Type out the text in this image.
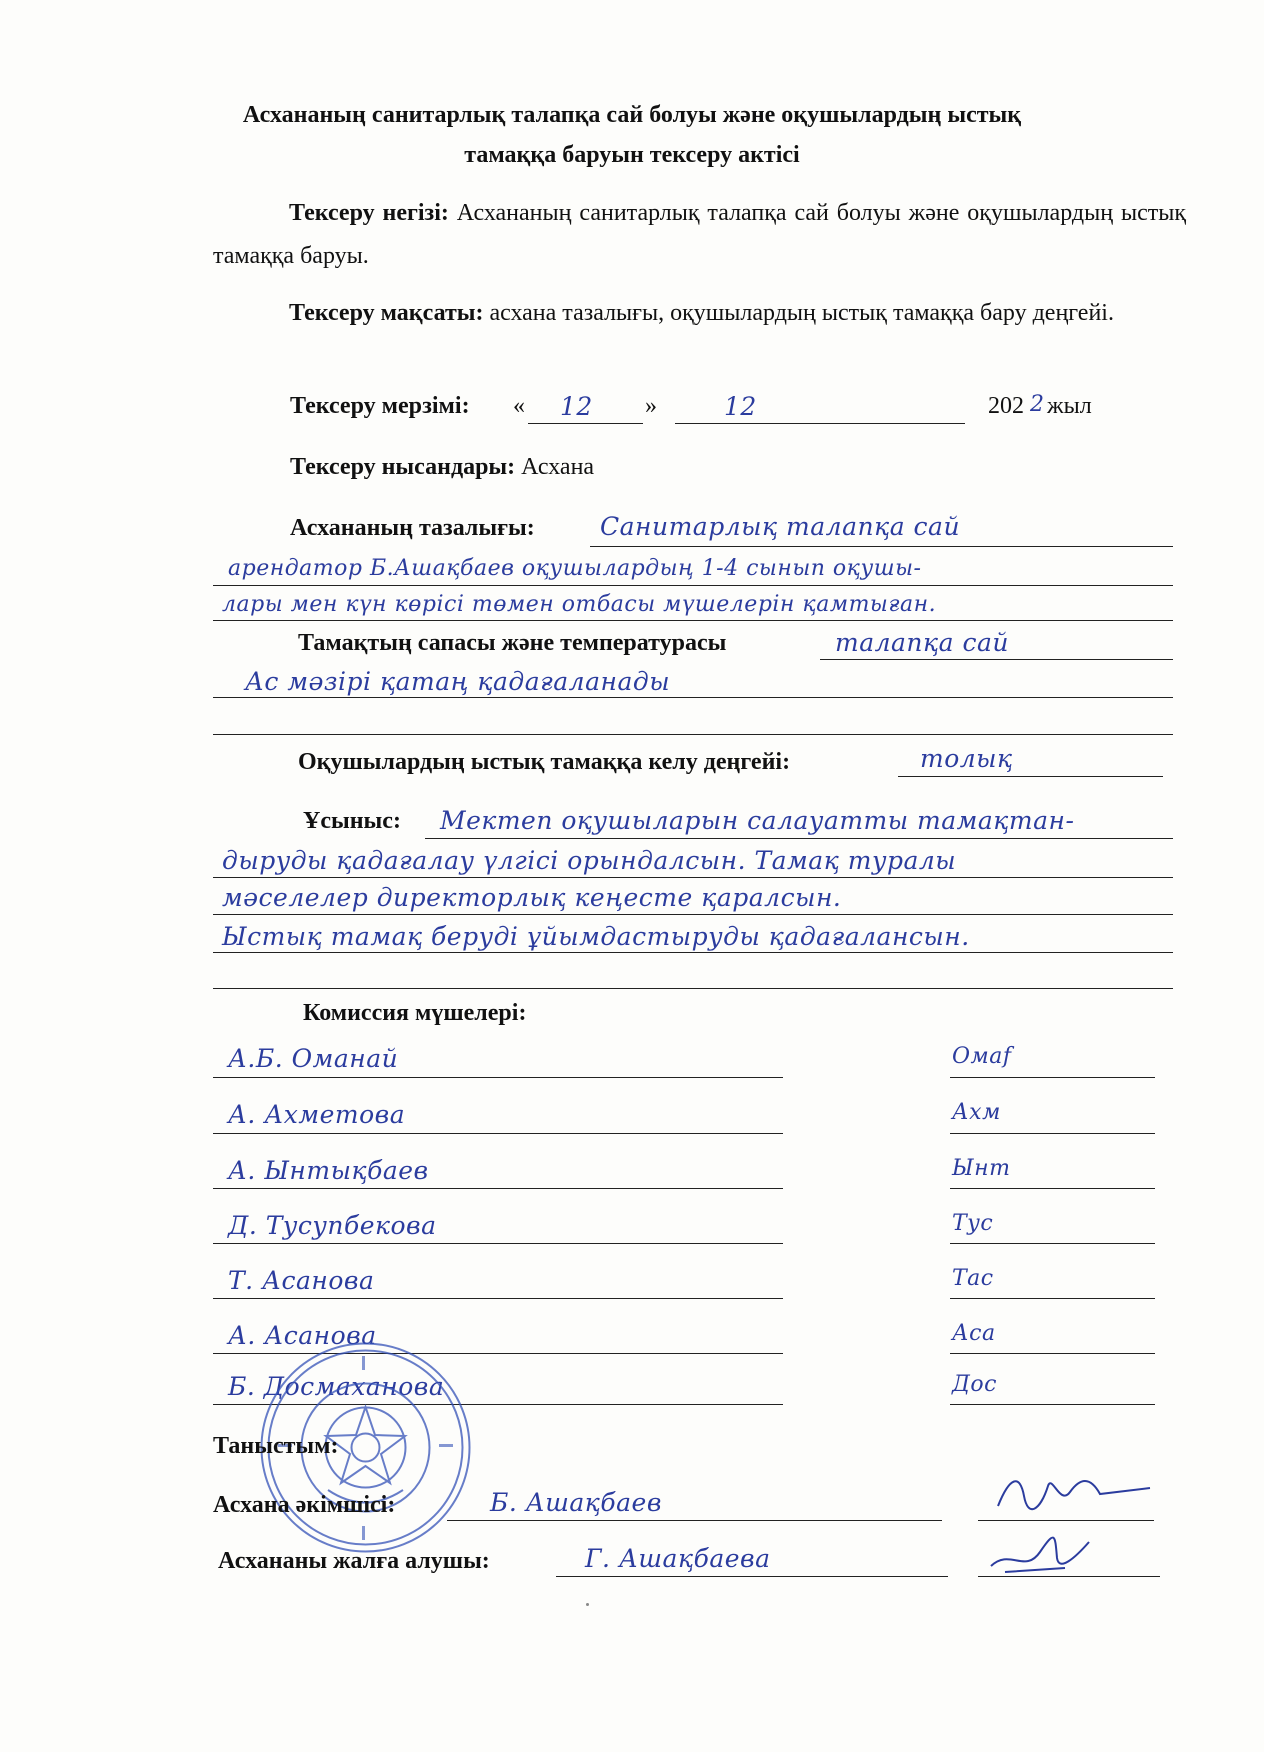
Асхананың санитарлық талапқа сай болуы және оқушылардың ыстық
тамаққа баруын тексеру актісі
Тексеру негізі: Асхананың санитарлық талапқа сай болуы және оқушылардың ыстық тамаққа баруы.
Тексеру мақсаты: асхана тазалығы, оқушылардың ыстық тамаққа бару деңгейі.
Тексеру мерзімі: « 12 »	12	202 2 жыл
Тексеру нысандары: Асхана
Асхананың тазалығы:	Санитарлық талапқа сай
арендатор Б.Ашақбаев оқушылардың 1-4 сынып оқушы-
лары мен күн көрісі төмен отбасы мүшелерін қамтыған.
Тамақтың сапасы және температурасы	талапқа сай
Ас мәзірі қатаң қадағаланады
Оқушылардың ыстық тамаққа келу деңгейі:	толық
Ұсыныс: Мектеп оқушыларын салауатты тамақтан-
дыруды қадағалау үлгісі орындалсын. Тамақ туралы
мәселелер директорлық кеңесте қаралсын.
Ыстық тамақ беруді ұйымдастыруды қадағалансын.
Комиссия мүшелері:
А.Б. Оманай	Омаf
А. Ахметова	Ахм
А. Ынтықбаев	Ынт
Д. Тусупбекова	Тус
Т. Асанова	Тас
А. Асанова	Аса
Б. Досмаханова	Дос
Таныстым:
Асхана әкімшісі:	Б. Ашақбаев
Асхананы жалға алушы:	Г. Ашақбаева
